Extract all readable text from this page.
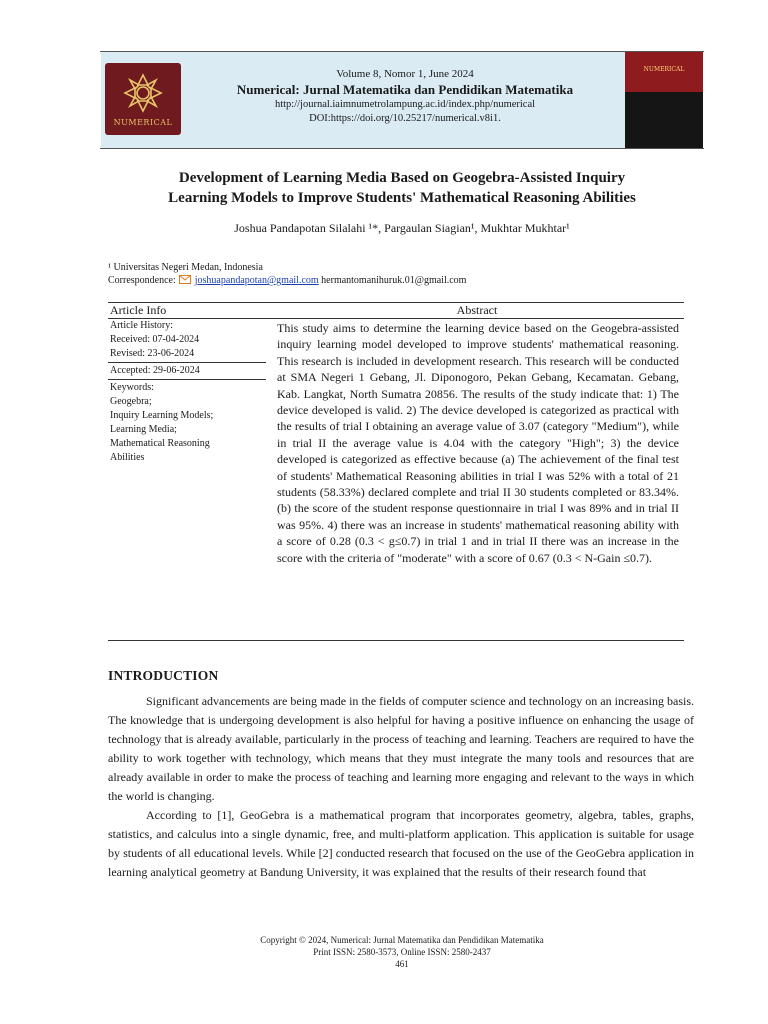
NUMERICAL
Volume 8, Nomor 1, June 2024
Numerical: Jurnal Matematika dan Pendidikan Matematika
http://journal.iaimnumetrolampung.ac.id/index.php/numerical
DOI:https://doi.org/10.25217/numerical.v8i1.
NUMERICAL
Development of Learning Media Based on Geogebra-Assisted Inquiry
Learning Models to Improve Students' Mathematical Reasoning Abilities
Joshua Pandapotan Silalahi ¹*, Pargaulan Siagian¹, Mukhtar Mukhtar¹
¹ Universitas Negeri Medan, Indonesia
Correspondence: joshuapandapotan@gmail.com hermantomanihuruk.01@gmail.com
Article Info	Abstract
Article History:
Received: 07-04-2024
Revised: 23-06-2024
Accepted: 29-06-2024
Keywords:
Geogebra;
Inquiry Learning Models;
Learning Media;
Mathematical Reasoning
Abilities
This study aims to determine the learning device based on the Geogebra-assisted inquiry learning model developed to improve students' mathematical reasoning. This research is included in development research. This research will be conducted at SMA Negeri 1 Gebang, Jl. Diponogoro, Pekan Gebang, Kecamatan. Gebang, Kab. Langkat, North Sumatra 20856. The results of the study indicate that: 1) The device developed is valid. 2) The device developed is categorized as practical with the results of trial I obtaining an average value of 3.07 (category "Medium"), while in trial II the average value is 4.04 with the category "High"; 3) the device developed is categorized as effective because (a) The achievement of the final test of students' Mathematical Reasoning abilities in trial I was 52% with a total of 21 students (58.33%) declared complete and trial II 30 students completed or 83.34%. (b) the score of the student response questionnaire in trial I was 89% and in trial II was 95%. 4) there was an increase in students' mathematical reasoning ability with a score of 0.28 (0.3 < g≤0.7) in trial 1 and in trial II there was an increase in the score with the criteria of "moderate" with a score of 0.67 (0.3 < N-Gain ≤0.7).
INTRODUCTION

Significant advancements are being made in the fields of computer science and technology on an increasing basis. The knowledge that is undergoing development is also helpful for having a positive influence on enhancing the usage of technology that is already available, particularly in the process of teaching and learning. Teachers are required to have the ability to work together with technology, which means that they must integrate the many tools and resources that are already available in order to make the process of teaching and learning more engaging and relevant to the ways in which the world is changing.

According to [1], GeoGebra is a mathematical program that incorporates geometry, algebra, tables, graphs, statistics, and calculus into a single dynamic, free, and multi-platform application. This application is suitable for usage by students of all educational levels. While [2] conducted research that focused on the use of the GeoGebra application in learning analytical geometry at Bandung University, it was explained that the results of their research found that

Copyright © 2024, Numerical: Jurnal Matematika dan Pendidikan Matematika
Print ISSN: 2580-3573, Online ISSN: 2580-2437
461
